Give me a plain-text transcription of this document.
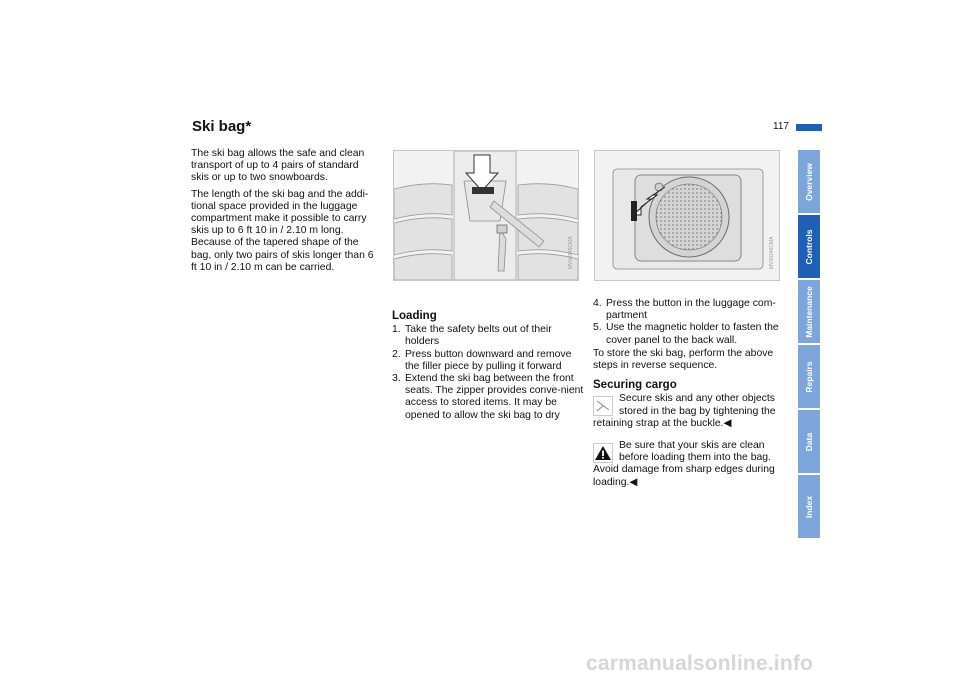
Ski bag*	117

The ski bag allows the safe and clean transport of up to 4 pairs of standard skis or up to two snowboards.

The length of the ski bag and the addi-tional space provided in the luggage compartment make it possible to carry skis up to 6 ft 10 in / 2.10 m long. Because of the tapered shape of the bag, only two pairs of skis longer than 6 ft 10 in / 2.10 m can be carried.	MV00345CMA	MV00346CMA
Loading
1. Take the safety belts out of their holders
2. Press button downward and remove the filler piece by pulling it forward
3. Extend the ski bag between the front seats. The zipper provides conve-nient access to stored items. It may be opened to allow the ski bag to dry
4. Press the button in the luggage com-partment
5. Use the magnetic holder to fasten the cover panel to the back wall.

To store the ski bag, perform the above steps in reverse sequence.

Securing cargo
Secure skis and any other objects
stored in the bag by tightening the
retaining strap at the buckle.◀
Be sure that your skis are clean
before loading them into the bag.
Avoid damage from sharp edges during loading.◀
Overview
Controls
Maintenance
Repairs
Data
Index
carmanualsonline.info
